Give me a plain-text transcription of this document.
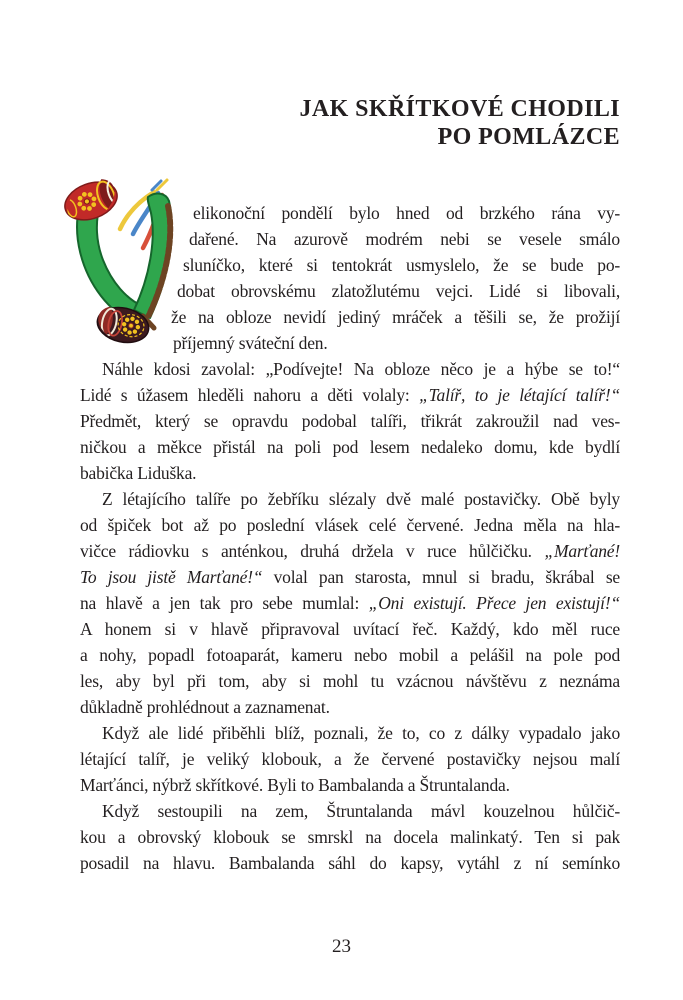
JAK SKŘÍTKOVÉ CHODILI
PO POMLÁZCE
elikonoční pondělí bylo hned od brzkého rána vy-
dařené. Na azurově modrém nebi se vesele smálo
sluníčko, které si tentokrát usmyslelo, že se bude po-
dobat obrovskému zlatožlutému vejci. Lidé si libovali,
že na obloze nevidí jediný mráček a těšili se, že prožijí
příjemný sváteční den.
Náhle kdosi zavolal: „Podívejte! Na obloze něco je a hýbe se to!“
Lidé s úžasem hleděli nahoru a děti volaly: „Talíř, to je létající talíř!“
Předmět, který se opravdu podobal talíři, třikrát zakroužil nad ves-
ničkou a měkce přistál na poli pod lesem nedaleko domu, kde bydlí
babička Liduška.
Z létajícího talíře po žebříku slézaly dvě malé postavičky. Obě byly
od špiček bot až po poslední vlásek celé červené. Jedna měla na hla-
vičce rádiovku s anténkou, druhá držela v ruce hůlčičku. „Marťané!
To jsou jistě Marťané!“ volal pan starosta, mnul si bradu, škrábal se
na hlavě a jen tak pro sebe mumlal: „Oni existují. Přece jen existují!“
A honem si v hlavě připravoval uvítací řeč. Každý, kdo měl ruce
a nohy, popadl fotoaparát, kameru nebo mobil a pelášil na pole pod
les, aby byl při tom, aby si mohl tu vzácnou návštěvu z neznáma
důkladně prohlédnout a zaznamenat.
Když ale lidé přiběhli blíž, poznali, že to, co z dálky vypadalo jako
létající talíř, je veliký klobouk, a že červené postavičky nejsou malí
Marťánci, nýbrž skřítkové. Byli to Bambalanda a Štruntalanda.
Když sestoupili na zem, Štruntalanda mávl kouzelnou hůlčič-
kou a obrovský klobouk se smrskl na docela malinkatý. Ten si pak
posadil na hlavu. Bambalanda sáhl do kapsy, vytáhl z ní semínko
23
